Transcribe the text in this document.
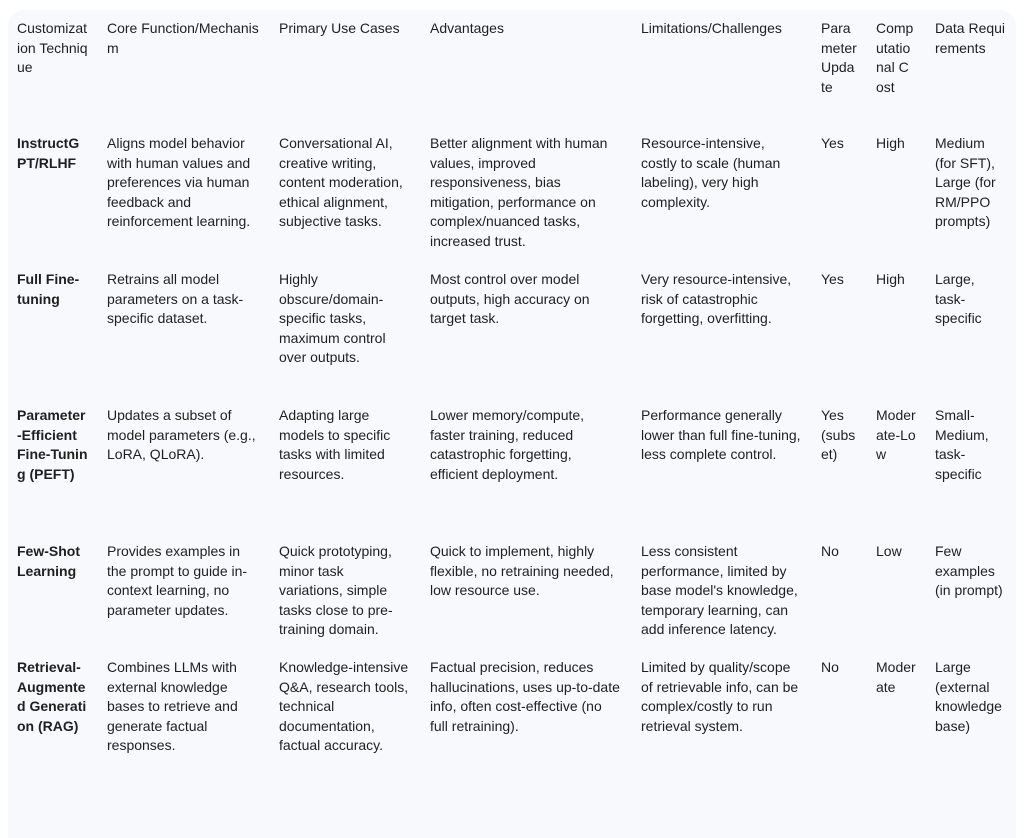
Customization Technique	Core Function/Mechanism	Primary Use Cases	Advantages	Limitations/Challenges	Parameter Update	Computational Cost	Data Requirements
InstructGPT/RLHF	Aligns model behavior with human values and preferences via human feedback and reinforcement learning.	Conversational AI, creative writing, content moderation, ethical alignment, subjective tasks.	Better alignment with human values, improved responsiveness, bias mitigation, performance on complex/nuanced tasks, increased trust.	Resource-intensive, costly to scale (human labeling), very high complexity.	Yes	High	Medium (for SFT), Large (for RM/PPO prompts)
Full Fine-tuning	Retrains all model parameters on a task-specific dataset.	Highly obscure/domain-specific tasks, maximum control over outputs.	Most control over model outputs, high accuracy on target task.	Very resource-intensive, risk of catastrophic forgetting, overfitting.	Yes	High	Large, task-specific
Parameter-Efficient Fine-Tuning (PEFT)	Updates a subset of model parameters (e.g., LoRA, QLoRA).	Adapting large models to specific tasks with limited resources.	Lower memory/compute, faster training, reduced catastrophic forgetting, efficient deployment.	Performance generally lower than full fine-tuning, less complete control.	Yes (subset)	Moderate-Low	Small-Medium, task-specific
Few-Shot Learning	Provides examples in the prompt to guide in-context learning, no parameter updates.	Quick prototyping, minor task variations, simple tasks close to pre-training domain.	Quick to implement, highly flexible, no retraining needed, low resource use.	Less consistent performance, limited by base model's knowledge, temporary learning, can add inference latency.	No	Low	Few examples (in prompt)
Retrieval-Augmented Generation (RAG)	Combines LLMs with external knowledge bases to retrieve and generate factual responses.	Knowledge-intensive Q&A, research tools, technical documentation, factual accuracy.	Factual precision, reduces hallucinations, uses up-to-date info, often cost-effective (no full retraining).	Limited by quality/scope of retrievable info, can be complex/costly to run retrieval system.	No	Moderate	Large (external knowledge base)
